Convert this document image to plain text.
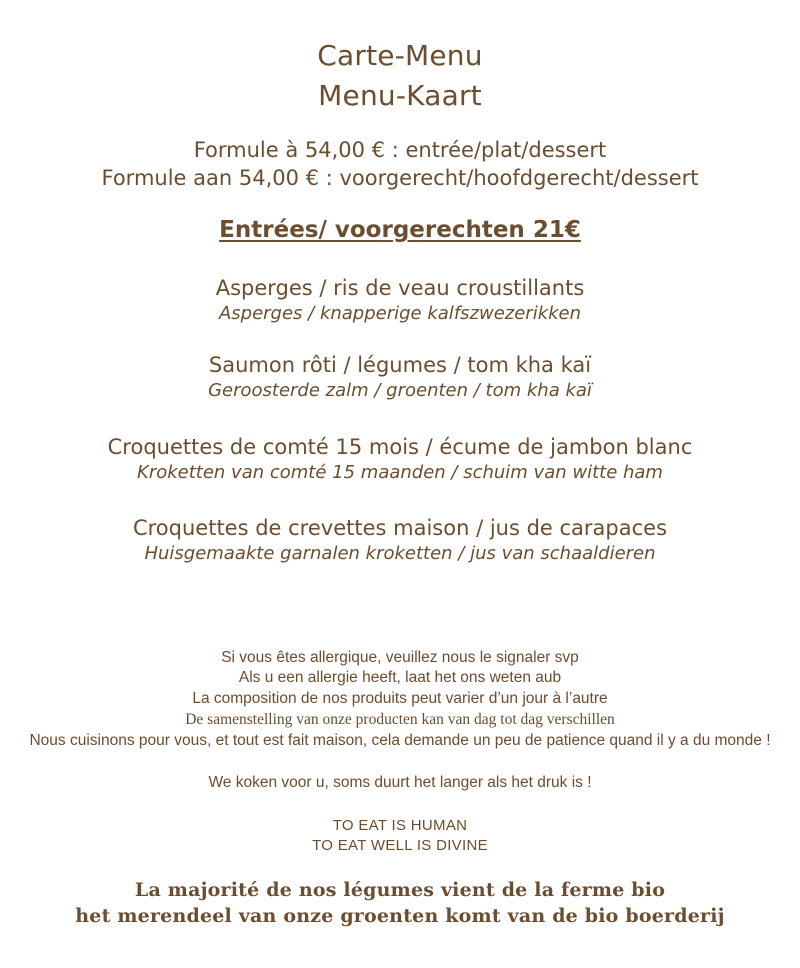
Carte-Menu
Menu-Kaart
Formule à 54,00 € : entrée/plat/dessert
Formule aan 54,00 € : voorgerecht/hoofdgerecht/dessert
Entrées/ voorgerechten 21€
Asperges / ris de veau croustillants
Asperges / knapperige kalfszwezerikken
Saumon rôti / légumes / tom kha kaï
Geroosterde zalm / groenten / tom kha kaï
Croquettes de comté 15 mois / écume de jambon blanc
Kroketten van comté 15 maanden / schuim van witte ham
Croquettes de crevettes maison / jus de carapaces
Huisgemaakte garnalen kroketten / jus van schaaldieren
Si vous êtes allergique, veuillez nous le signaler svp
Als u een allergie heeft, laat het ons weten aub
La composition de nos produits peut varier d’un jour à l’autre
De samenstelling van onze producten kan van dag tot dag verschillen
Nous cuisinons pour vous, et tout est fait maison, cela demande un peu de patience quand il y a du monde !
We koken voor u, soms duurt het langer als het druk is !
TO EAT IS HUMAN
TO EAT WELL IS DIVINE
La majorité de nos légumes vient de la ferme bio
het merendeel van onze groenten komt van de bio boerderij
